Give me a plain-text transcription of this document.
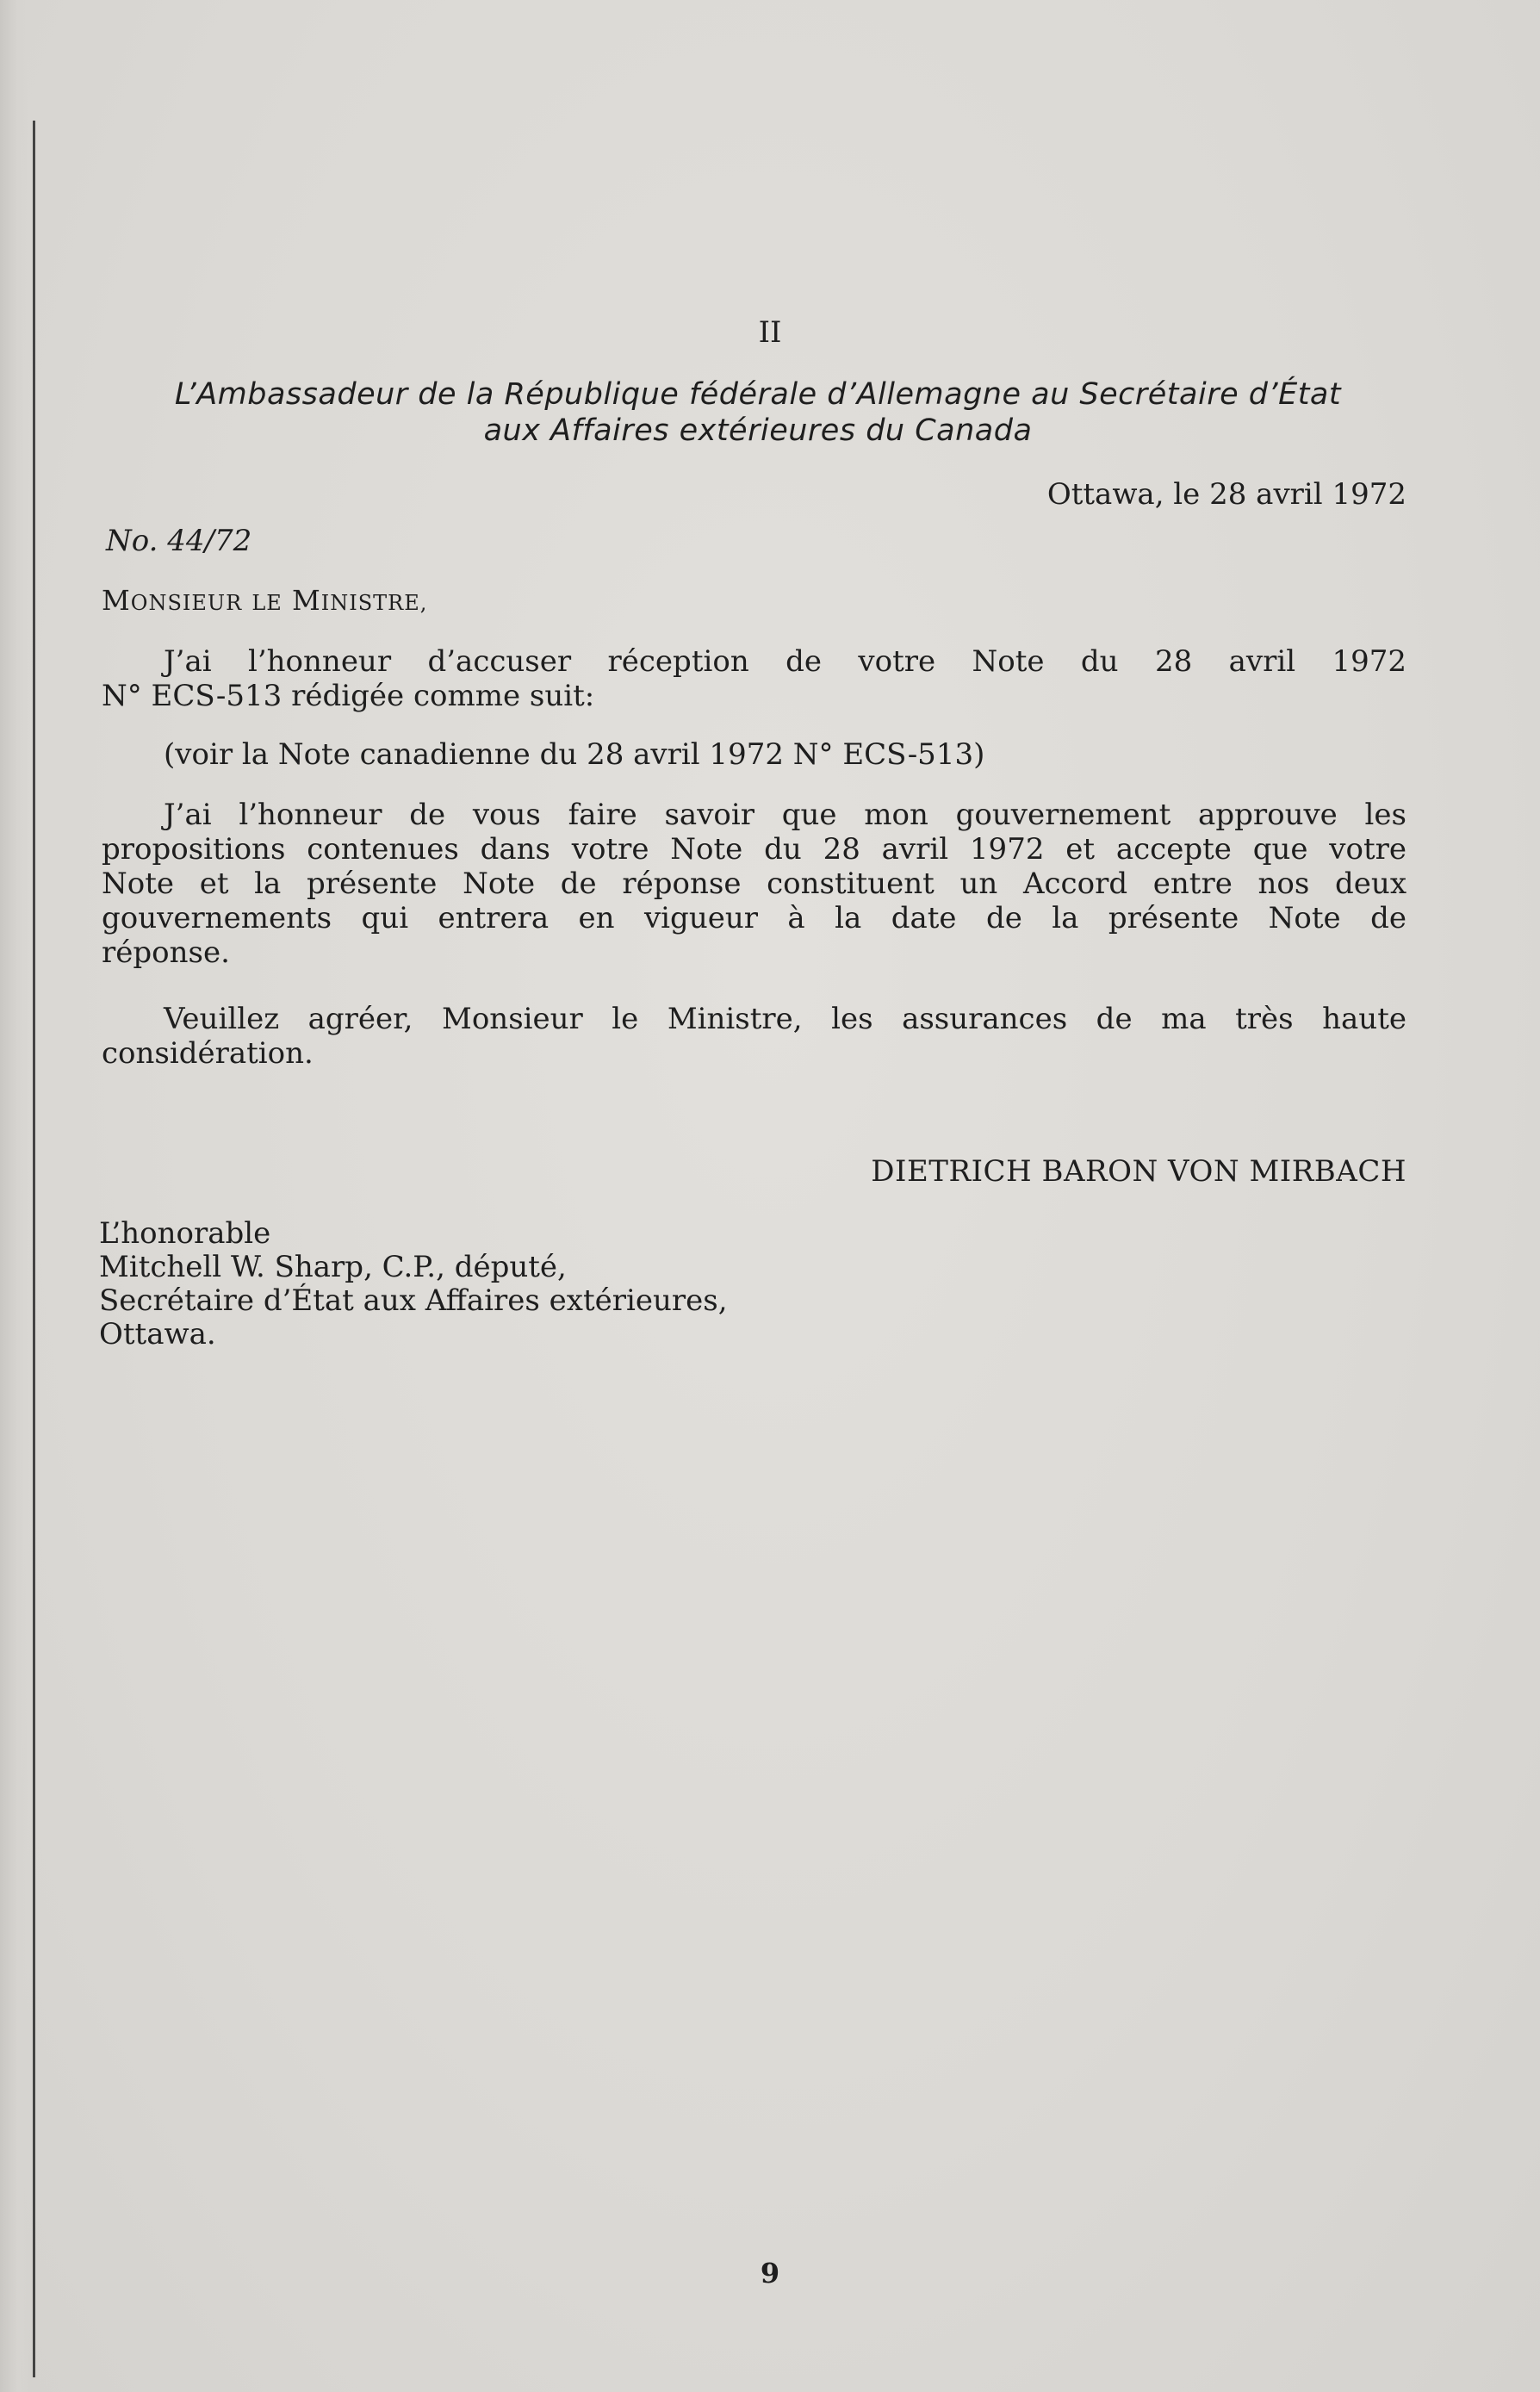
II

L’Ambassadeur de la République fédérale d’Allemagne au Secrétaire d’État

aux Affaires extérieures du Canada

Ottawa, le 28 avril 1972

No. 44/72

MONSIEUR LE MINISTRE,

J’ai l’honneur d’accuser réception de votre Note du 28 avril 1972
N° ECS-513 rédigée comme suit:
(voir la Note canadienne du 28 avril 1972 N° ECS-513)
J’ai l’honneur de vous faire savoir que mon gouvernement approuve les
propositions contenues dans votre Note du 28 avril 1972 et accepte que votre
Note et la présente Note de réponse constituent un Accord entre nos deux
gouvernements qui entrera en vigueur à la date de la présente Note de
réponse.
Veuillez agréer, Monsieur le Ministre, les assurances de ma très haute
considération.

DIETRICH BARON VON MIRBACH

L’honorable
Mitchell W. Sharp, C.P., député,
Secrétaire d’État aux Affaires extérieures,
Ottawa.

9
